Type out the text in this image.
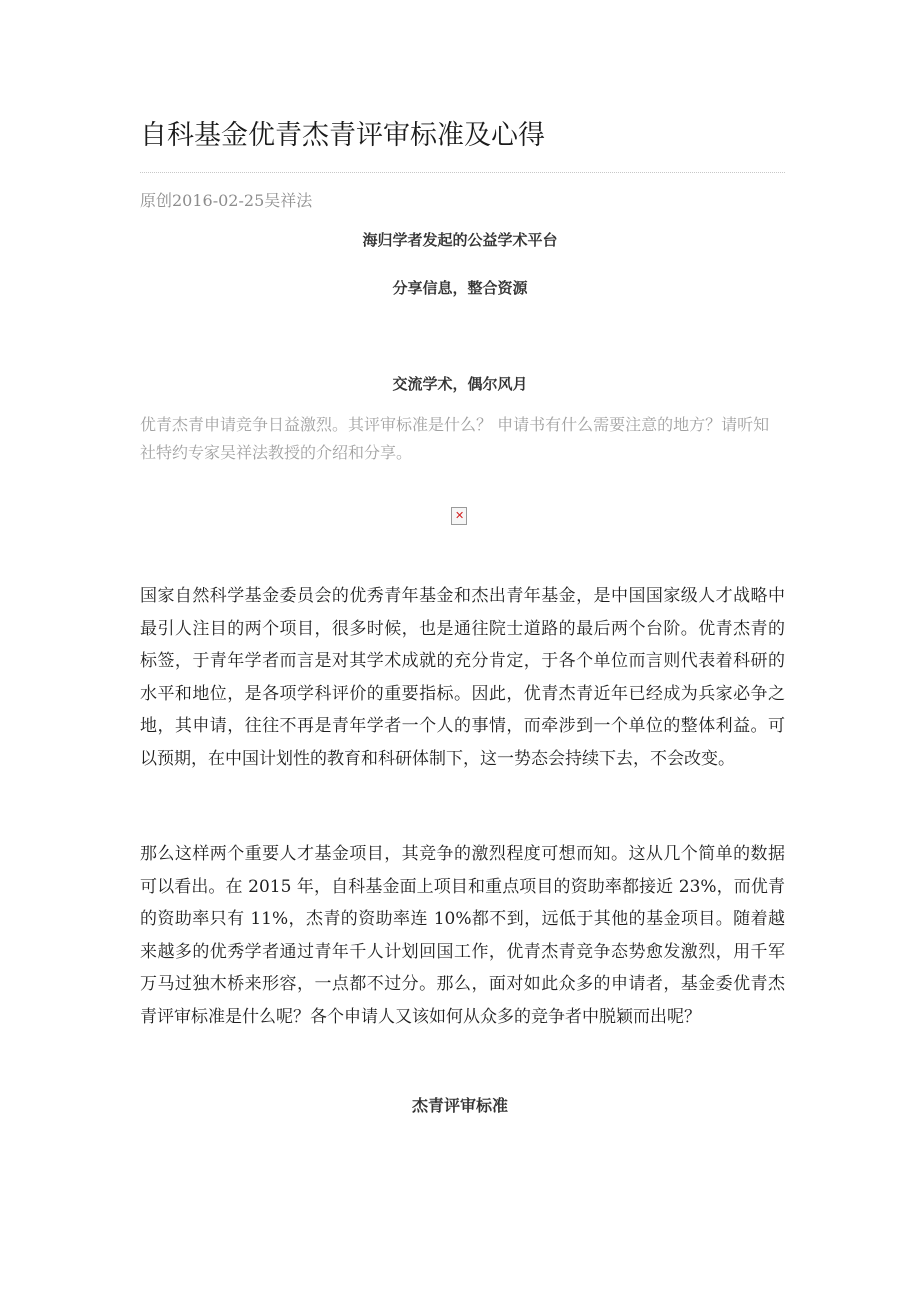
自科基金优青杰青评审标准及心得
原创2016-02-25吴祥法
海归学者发起的公益学术平台
分享信息，整合资源
交流学术，偶尔风月
优青杰青申请竞争日益激烈。其评审标准是什么？ 申请书有什么需要注意的地方？请听知社特约专家吴祥法教授的介绍和分享。
✕
国家自然科学基金委员会的优秀青年基金和杰出青年基金，是中国国家级人才战略中最引人注目的两个项目，很多时候，也是通往院士道路的最后两个台阶。优青杰青的标签，于青年学者而言是对其学术成就的充分肯定，于各个单位而言则代表着科研的水平和地位，是各项学科评价的重要指标。因此，优青杰青近年已经成为兵家必争之地，其申请，往往不再是青年学者一个人的事情，而牵涉到一个单位的整体利益。可以预期，在中国计划性的教育和科研体制下，这一势态会持续下去，不会改变。
那么这样两个重要人才基金项目，其竞争的激烈程度可想而知。这从几个简单的数据可以看出。在 2015 年，自科基金面上项目和重点项目的资助率都接近 23%，而优青的资助率只有 11%，杰青的资助率连 10%都不到，远低于其他的基金项目。随着越来越多的优秀学者通过青年千人计划回国工作，优青杰青竞争态势愈发激烈，用千军万马过独木桥来形容，一点都不过分。那么，面对如此众多的申请者，基金委优青杰青评审标准是什么呢？各个申请人又该如何从众多的竞争者中脱颖而出呢？
杰青评审标准
